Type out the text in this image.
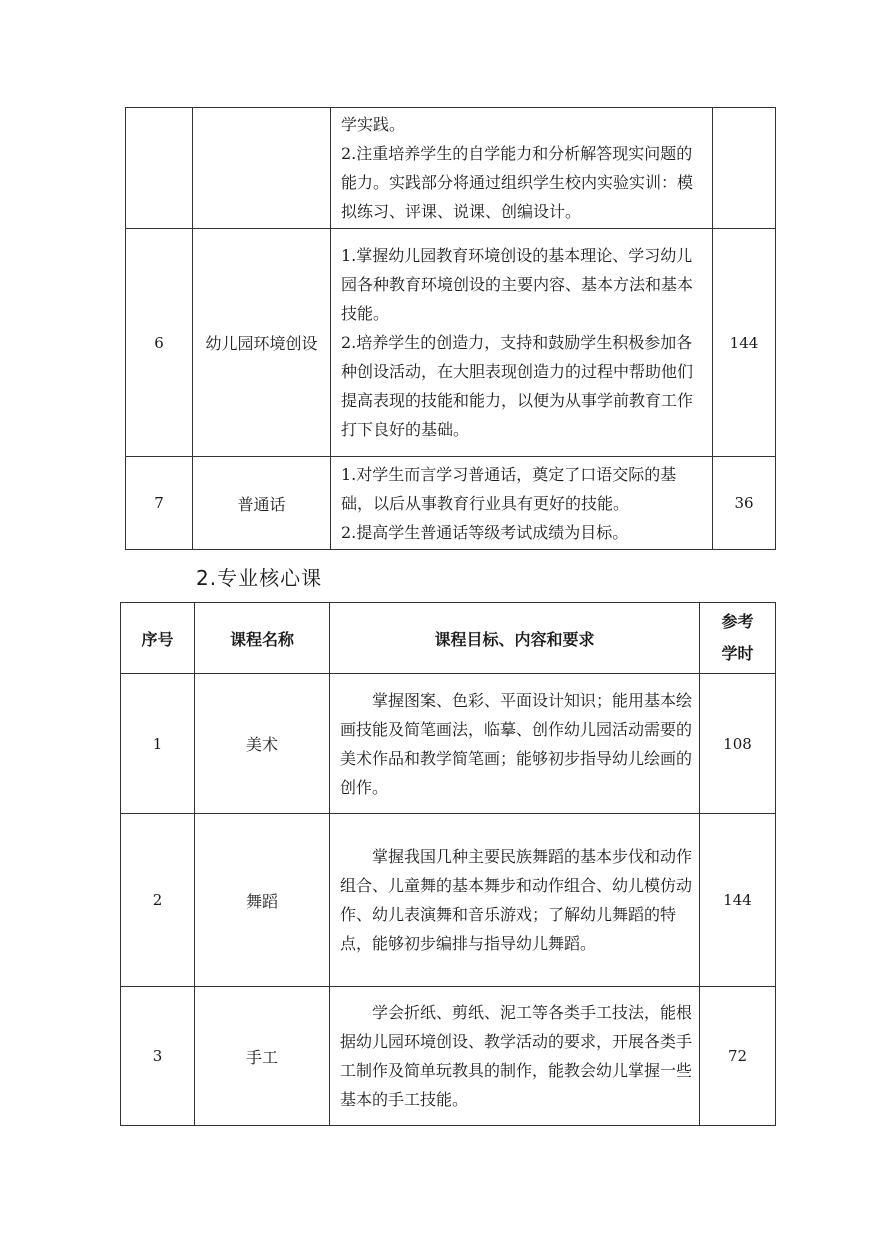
		学实践。

2.注重培养学生的自学能力和分析解答现实问题的能力。实践部分将通过组织学生校内实验实训：模拟练习、评课、说课、创编设计。	

6	幼儿园环境创设	1.掌握幼儿园教育环境创设的基本理论、学习幼儿园各种教育环境创设的主要内容、基本方法和基本技能。

2.培养学生的创造力，支持和鼓励学生积极参加各种创设活动，在大胆表现创造力的过程中帮助他们提高表现的技能和能力，以便为从事学前教育工作打下良好的基础。	144
7	普通话	1.对学生而言学习普通话，奠定了口语交际的基础，以后从事教育行业具有更好的技能。

2.提高学生普通话等级考试成绩为目标。	36
2.专业核心课
序号	课程名称	课程目标、内容和要求	参考
学时

1	美术	掌握图案、色彩、平面设计知识；能用基本绘画技能及简笔画法，临摹、创作幼儿园活动需要的美术作品和教学简笔画；能够初步指导幼儿绘画的创作。	108
2	舞蹈	掌握我国几种主要民族舞蹈的基本步伐和动作组合、儿童舞的基本舞步和动作组合、幼儿模仿动作、幼儿表演舞和音乐游戏；了解幼儿舞蹈的特点，能够初步编排与指导幼儿舞蹈。	144
3	手工	学会折纸、剪纸、泥工等各类手工技法，能根据幼儿园环境创设、教学活动的要求，开展各类手工制作及简单玩教具的制作，能教会幼儿掌握一些基本的手工技能。	72
